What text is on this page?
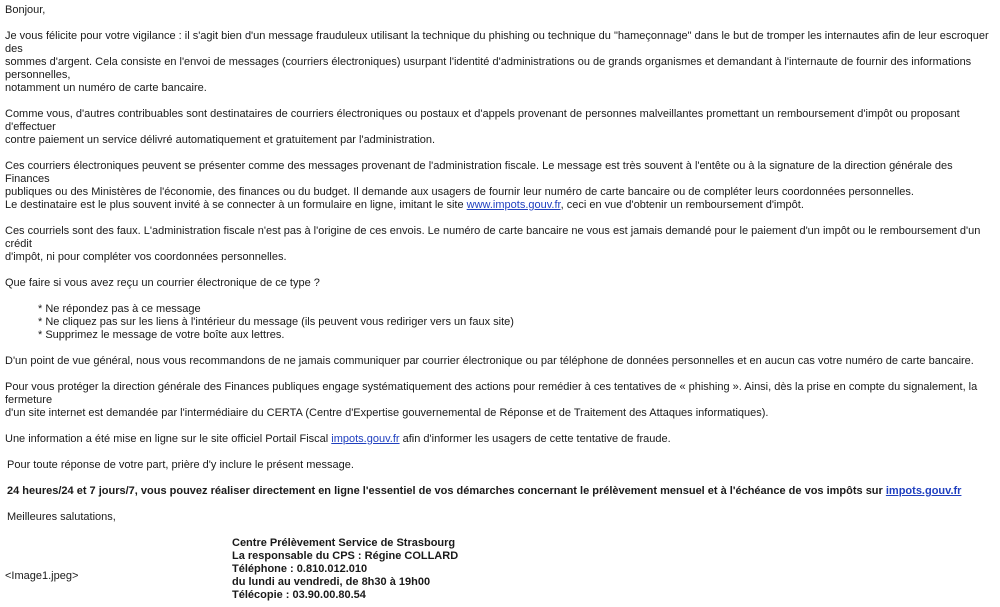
Bonjour,

Je vous félicite pour votre vigilance : il s'agit bien d'un message frauduleux utilisant la technique du phishing ou technique du "hameçonnage" dans le but de tromper les internautes afin de leur escroquer des
sommes d'argent. Cela consiste en l'envoi de messages (courriers électroniques) usurpant l'identité d'administrations ou de grands organismes et demandant à l'internaute de fournir des informations personnelles,
notamment un numéro de carte bancaire.

Comme vous, d'autres contribuables sont destinataires de courriers électroniques ou postaux et d'appels provenant de personnes malveillantes promettant un remboursement d'impôt ou proposant d'effectuer
contre paiement un service délivré automatiquement et gratuitement par l'administration.

Ces courriers électroniques peuvent se présenter comme des messages provenant de l'administration fiscale. Le message est très souvent à l'entête ou à la signature de la direction générale des Finances
publiques ou des Ministères de l'économie, des finances ou du budget. Il demande aux usagers de fournir leur numéro de carte bancaire ou de compléter leurs coordonnées personnelles.
Le destinataire est le plus souvent invité à se connecter à un formulaire en ligne, imitant le site www.impots.gouv.fr, ceci en vue d'obtenir un remboursement d'impôt.

Ces courriels sont des faux. L'administration fiscale n'est pas à l'origine de ces envois. Le numéro de carte bancaire ne vous est jamais demandé pour le paiement d'un impôt ou le remboursement d'un crédit
d'impôt, ni pour compléter vos coordonnées personnelles.

Que faire si vous avez reçu un courrier électronique de ce type ?

* Ne répondez pas à ce message
* Ne cliquez pas sur les liens à l'intérieur du message (ils peuvent vous rediriger vers un faux site)
* Supprimez le message de votre boîte aux lettres.

D'un point de vue général, nous vous recommandons de ne jamais communiquer par courrier électronique ou par téléphone de données personnelles et en aucun cas votre numéro de carte bancaire.

Pour vous protéger la direction générale des Finances publiques engage systématiquement des actions pour remédier à ces tentatives de « phishing ». Ainsi, dès la prise en compte du signalement, la fermeture
d'un site internet est demandée par l'intermédiaire du CERTA (Centre d'Expertise gouvernemental de Réponse et de Traitement des Attaques informatiques).

Une information a été mise en ligne sur le site officiel Portail Fiscal impots.gouv.fr afin d'informer les usagers de cette tentative de fraude.

Pour toute réponse de votre part, prière d'y inclure le présent message.

24 heures/24 et 7 jours/7, vous pouvez réaliser directement en ligne l'essentiel de vos démarches concernant le prélèvement mensuel et à l'échéance de vos impôts sur impots.gouv.fr

Meilleures salutations,

<Image1.jpeg>
Centre Prélèvement Service de Strasbourg
La responsable du CPS : Régine COLLARD
Téléphone : 0.810.012.010
du lundi au vendredi, de 8h30 à 19h00
Télécopie : 03.90.00.80.54
